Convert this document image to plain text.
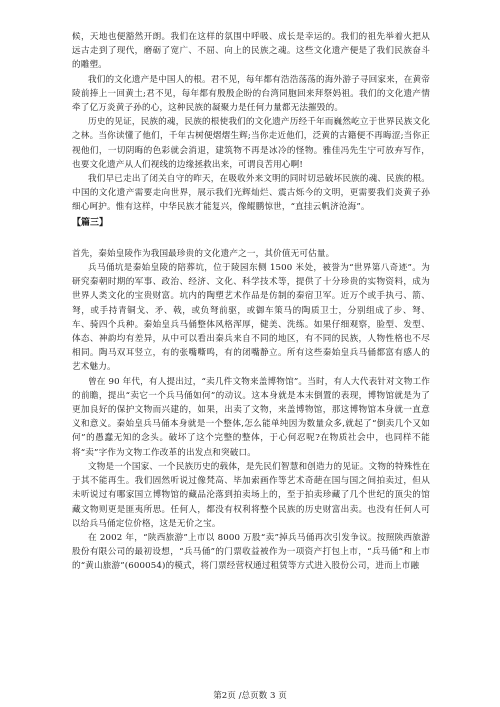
候，天地也便豁然开朗。我们在这样的氛围中呼吸、成长是幸运的。我们的祖先举着火把从远古走到了现代，磨砺了宽广、不屈、向上的民族之魂。这些文化遗产便是了我们民族奋斗的雕塑。

我们的文化遗产是中国人的根。君不见，每年都有浩浩荡荡的海外游子寻回家来，在黄帝陵前捧上一回黄土;君不见，每年都有殷殷企盼的台湾同胞回来拜祭妈祖。我们的文化遗产情牵了亿万炎黄子孙的心，这种民族的凝聚力是任何力量都无法摧毁的。

历史的见证，民族的魂，民族的根使我们的文化遗产历经千年而巍然屹立于世界民族文化之林。当你读懂了他们，千年古树便熠熠生辉;当你走近他们，泛黄的古籍便不再晦涩;当你正视他们，一切阴晦的色彩就会消退，建筑物不再是冰冷的怪物。雅佳冯先生宁可放弃写作，也要文化遗产从人们视线的边缘拯救出来，可谓良苦用心啊!

我们早已走出了闭关自守的昨天，在吸收外来文明的同时切忌破坏民族的魂、民族的根。中国的文化遗产需要走向世界，展示我们光辉灿烂、震古烁今的文明，更需要我们炎黄子孙细心呵护。惟有这样，中华民族才能复兴，像鲲鹏惊世，“直挂云帆济沧海”。

【篇三】

首先，秦始皇陵作为我国最珍贵的文化遗产之一，其价值无可估量。

兵马俑坑是秦始皇陵的陪葬坑，位于陵园东侧 1500 米处，被誉为“世界第八奇迹”。为研究秦朝时期的军事、政治、经济、文化、科学技术等，提供了十分珍贵的实物资料，成为世界人类文化的宝贵财富。坑内的陶塑艺术作品是仿制的秦宿卫军。近万个或手执弓、箭、弩，或手持青铜戈、矛、戟，或负弩前驱，或御车策马的陶质卫士，分别组成了步、弩、车、骑四个兵种。秦始皇兵马俑整体风格浑厚，健美、洗练。如果仔细观察，脸型、发型、体态、神韵均有差异，从中可以看出秦兵来自不同的地区，有不同的民族，人物性格也不尽相同。陶马双耳竖立，有的张嘴嘶鸣，有的闭嘴静立。所有这些秦始皇兵马俑都富有感人的艺术魅力。

曾在 90 年代，有人提出过，“卖几件文物来盖博物馆”。当时，有人大代表针对文物工作的前瞻，提出“卖它一个兵马俑如何”的动议。这本身就是本末倒置的表现，博物馆就是为了更加良好的保护文物而兴建的，如果，出卖了文物，来盖博物馆，那这博物馆本身就一直意义和意义。秦始皇兵马俑本身就是一个整体,怎么能单纯因为数量众多,就起了“倒卖几个又如何”的愚蠢无知的念头。破坏了这个完整的整体，于心何忍呢?在物质社会中，也同样不能将“卖”字作为文物工作改革的出发点和突破口。

文物是一个国家、一个民族历史的载体，是先民们智慧和创造力的见证。文物的特殊性在于其不能再生。我们固然听说过像梵高、毕加索画作等艺术奇葩在国与国之间拍卖过，但从未听说过有哪家国立博物馆的藏品沦落到拍卖场上的，至于拍卖珍藏了几个世纪的顶尖的馆藏文物则更是匪夷所思。任何人，都没有权利将整个民族的历史财富出卖。也没有任何人可以给兵马俑定位价格，这是无价之宝。

在 2002 年，“陕西旅游”上市以 8000 万股“卖”掉兵马俑再次引发争议。按照陕西旅游股份有限公司的最初设想，“兵马俑”的门票收益被作为一项资产打包上市，“兵马俑”和上市的“黄山旅游”(600054)的模式，将门票经营权通过租赁等方式进入股份公司，进而上市融

第2页 /总页数 3 页
